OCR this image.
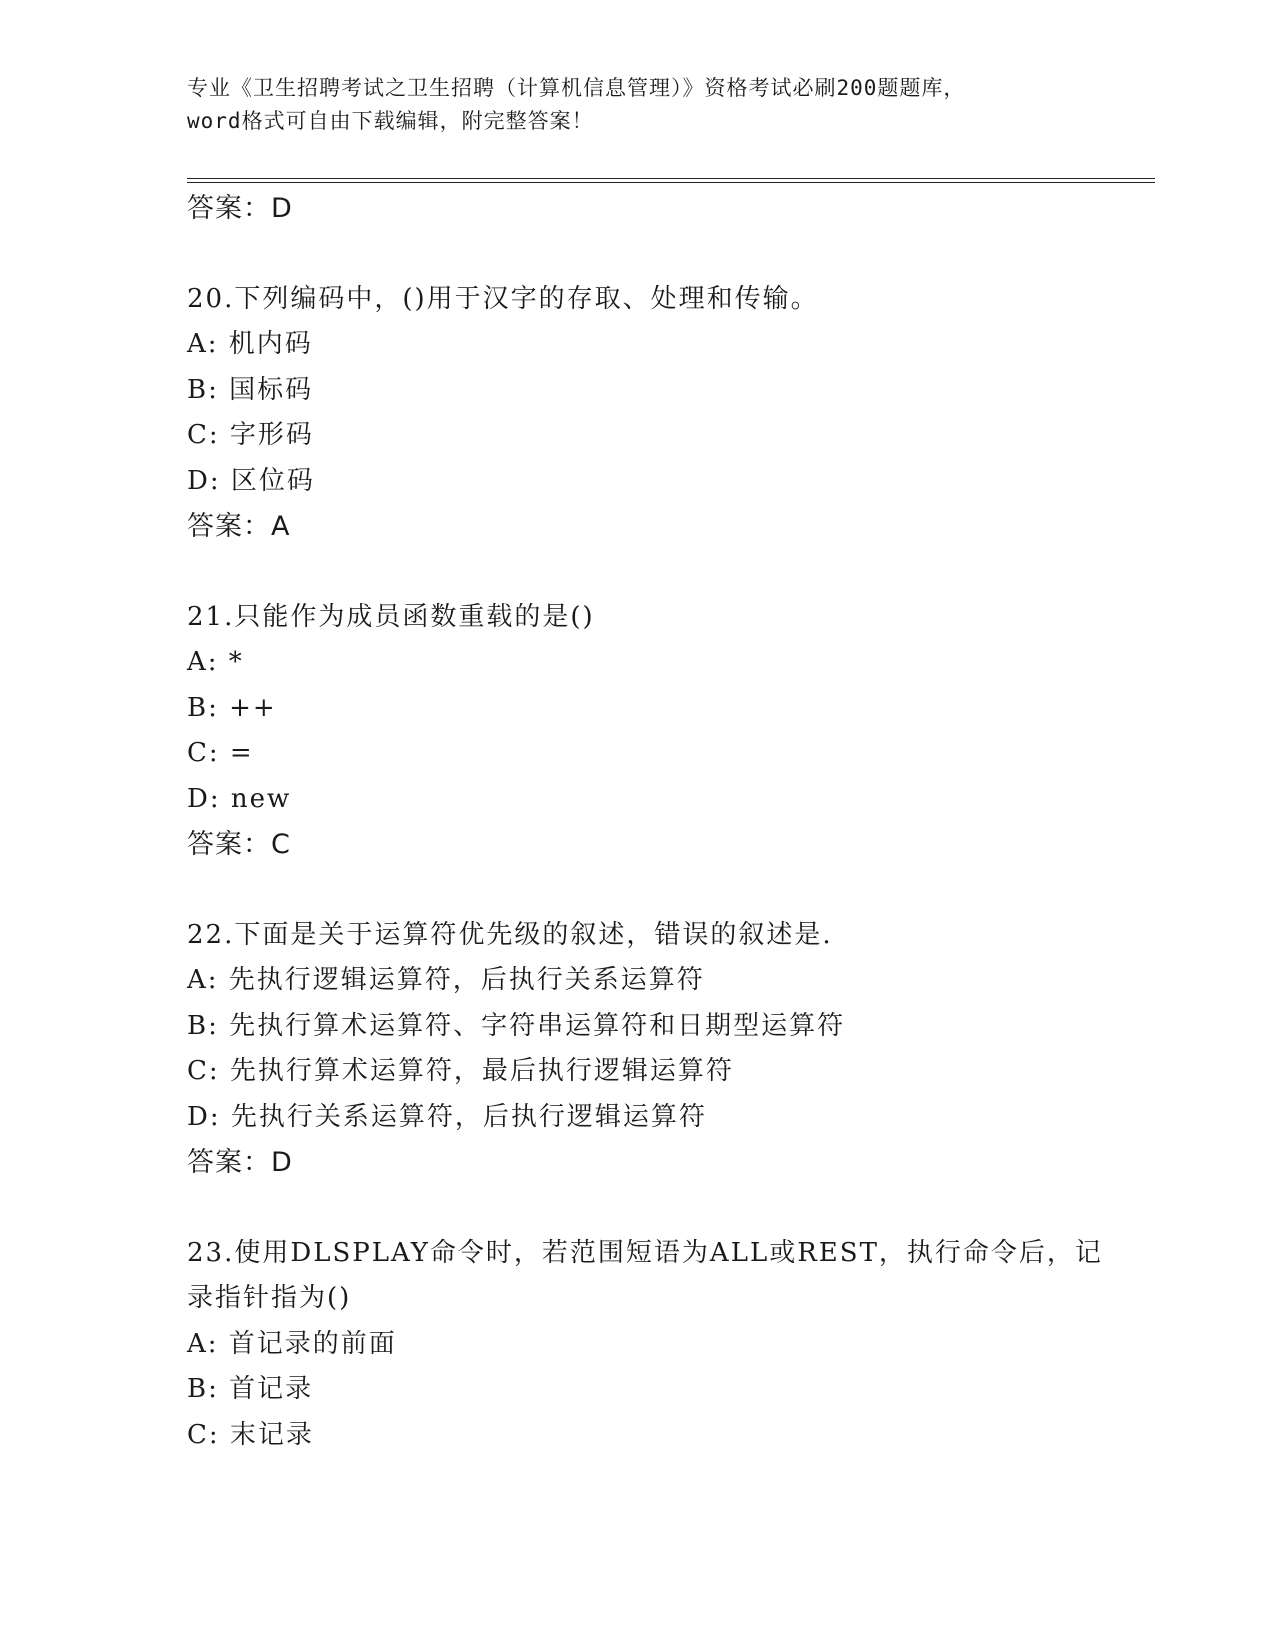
专业《卫生招聘考试之卫生招聘（计算机信息管理）》资格考试必刷200题题库，
word格式可自由下载编辑，附完整答案！
答案：D
20.下列编码中，()用于汉字的存取、处理和传输。
A: 机内码
B: 国标码
C: 字形码
D: 区位码
答案：A
21.只能作为成员函数重载的是()
A: *
B: ++
C: =
D: new
答案：C
22.下面是关于运算符优先级的叙述，错误的叙述是.
A: 先执行逻辑运算符，后执行关系运算符
B: 先执行算术运算符、字符串运算符和日期型运算符
C: 先执行算术运算符，最后执行逻辑运算符
D: 先执行关系运算符，后执行逻辑运算符
答案：D
23.使用DLSPLAY命令时，若范围短语为ALL或REST，执行命令后，记
录指针指为()
A: 首记录的前面
B: 首记录
C: 末记录
